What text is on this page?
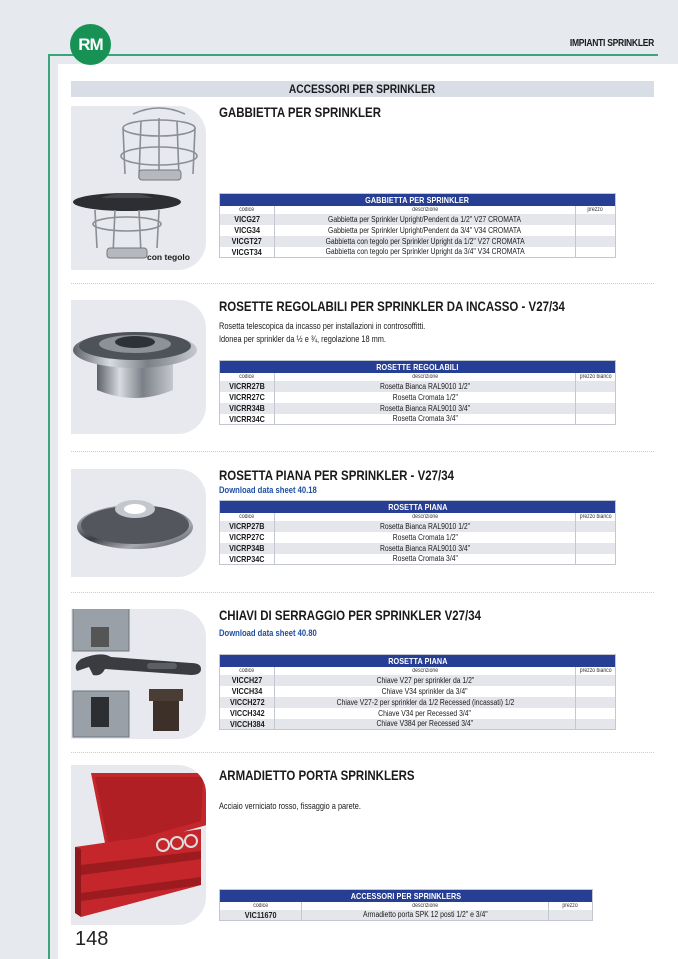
RM	IMPIANTI SPRINKLER
ACCESSORI PER SPRINKLER
con tegolo
GABBIETTA PER SPRINKLER
GABBIETTA PER SPRINKLER		
codice	descrizione	prezzo
VICG27	Gabbietta per Sprinkler Upright/Pendent da 1/2" V27 CROMATA	
VICG34	Gabbietta per Sprinkler Upright/Pendent da 3/4" V34 CROMATA	
VICGT27	Gabbietta con tegolo per Sprinkler Upright da 1/2" V27 CROMATA	
VICGT34	Gabbietta con tegolo per Sprinkler Upright da 3/4" V34 CROMATA	
ROSETTE REGOLABILI PER SPRINKLER DA INCASSO - V27/34
Rosetta telescopica da incasso per installazioni in controsoffitti.
Idonea per sprinkler da ½ e ¾, regolazione 18 mm.
ROSETTE REGOLABILI		
codice	descrizione	prezzo bianco
VICRR27B	Rosetta Bianca RAL9010 1/2"	
VICRR27C	Rosetta Cromata 1/2"	
VICRR34B	Rosetta Bianca RAL9010 3/4"	
VICRR34C	Rosetta Cromata 3/4"	
ROSETTA PIANA PER SPRINKLER - V27/34
Download data sheet 40.18
ROSETTA PIANA		
codice	descrizione	prezzo bianco
VICRP27B	Rosetta Bianca RAL9010 1/2"	
VICRP27C	Rosetta Cromata 1/2"	
VICRP34B	Rosetta Bianca RAL9010 3/4"	
VICRP34C	Rosetta Cromata 3/4"	
CHIAVI DI SERRAGGIO PER SPRINKLER V27/34
Download data sheet 40.80
ROSETTA PIANA		
codice	descrizione	prezzo bianco
VICCH27	Chiave V27 per sprinkler da 1/2"	
VICCH34	Chiave V34 sprinkler da 3/4"	
VICCH272	Chiave V27-2 per sprinkler da 1/2 Recessed (incassati) 1/2	
VICCH342	Chiave V34 per Recessed 3/4"	
VICCH384	Chiave V384 per Recessed 3/4"	
ARMADIETTO PORTA SPRINKLERS
Acciaio verniciato rosso, fissaggio a parete.
ACCESSORI PER SPRINKLERS		
codice	descrizione	prezzo
VIC11670	Armadietto porta SPK 12 posti 1/2" e 3/4"	
148
